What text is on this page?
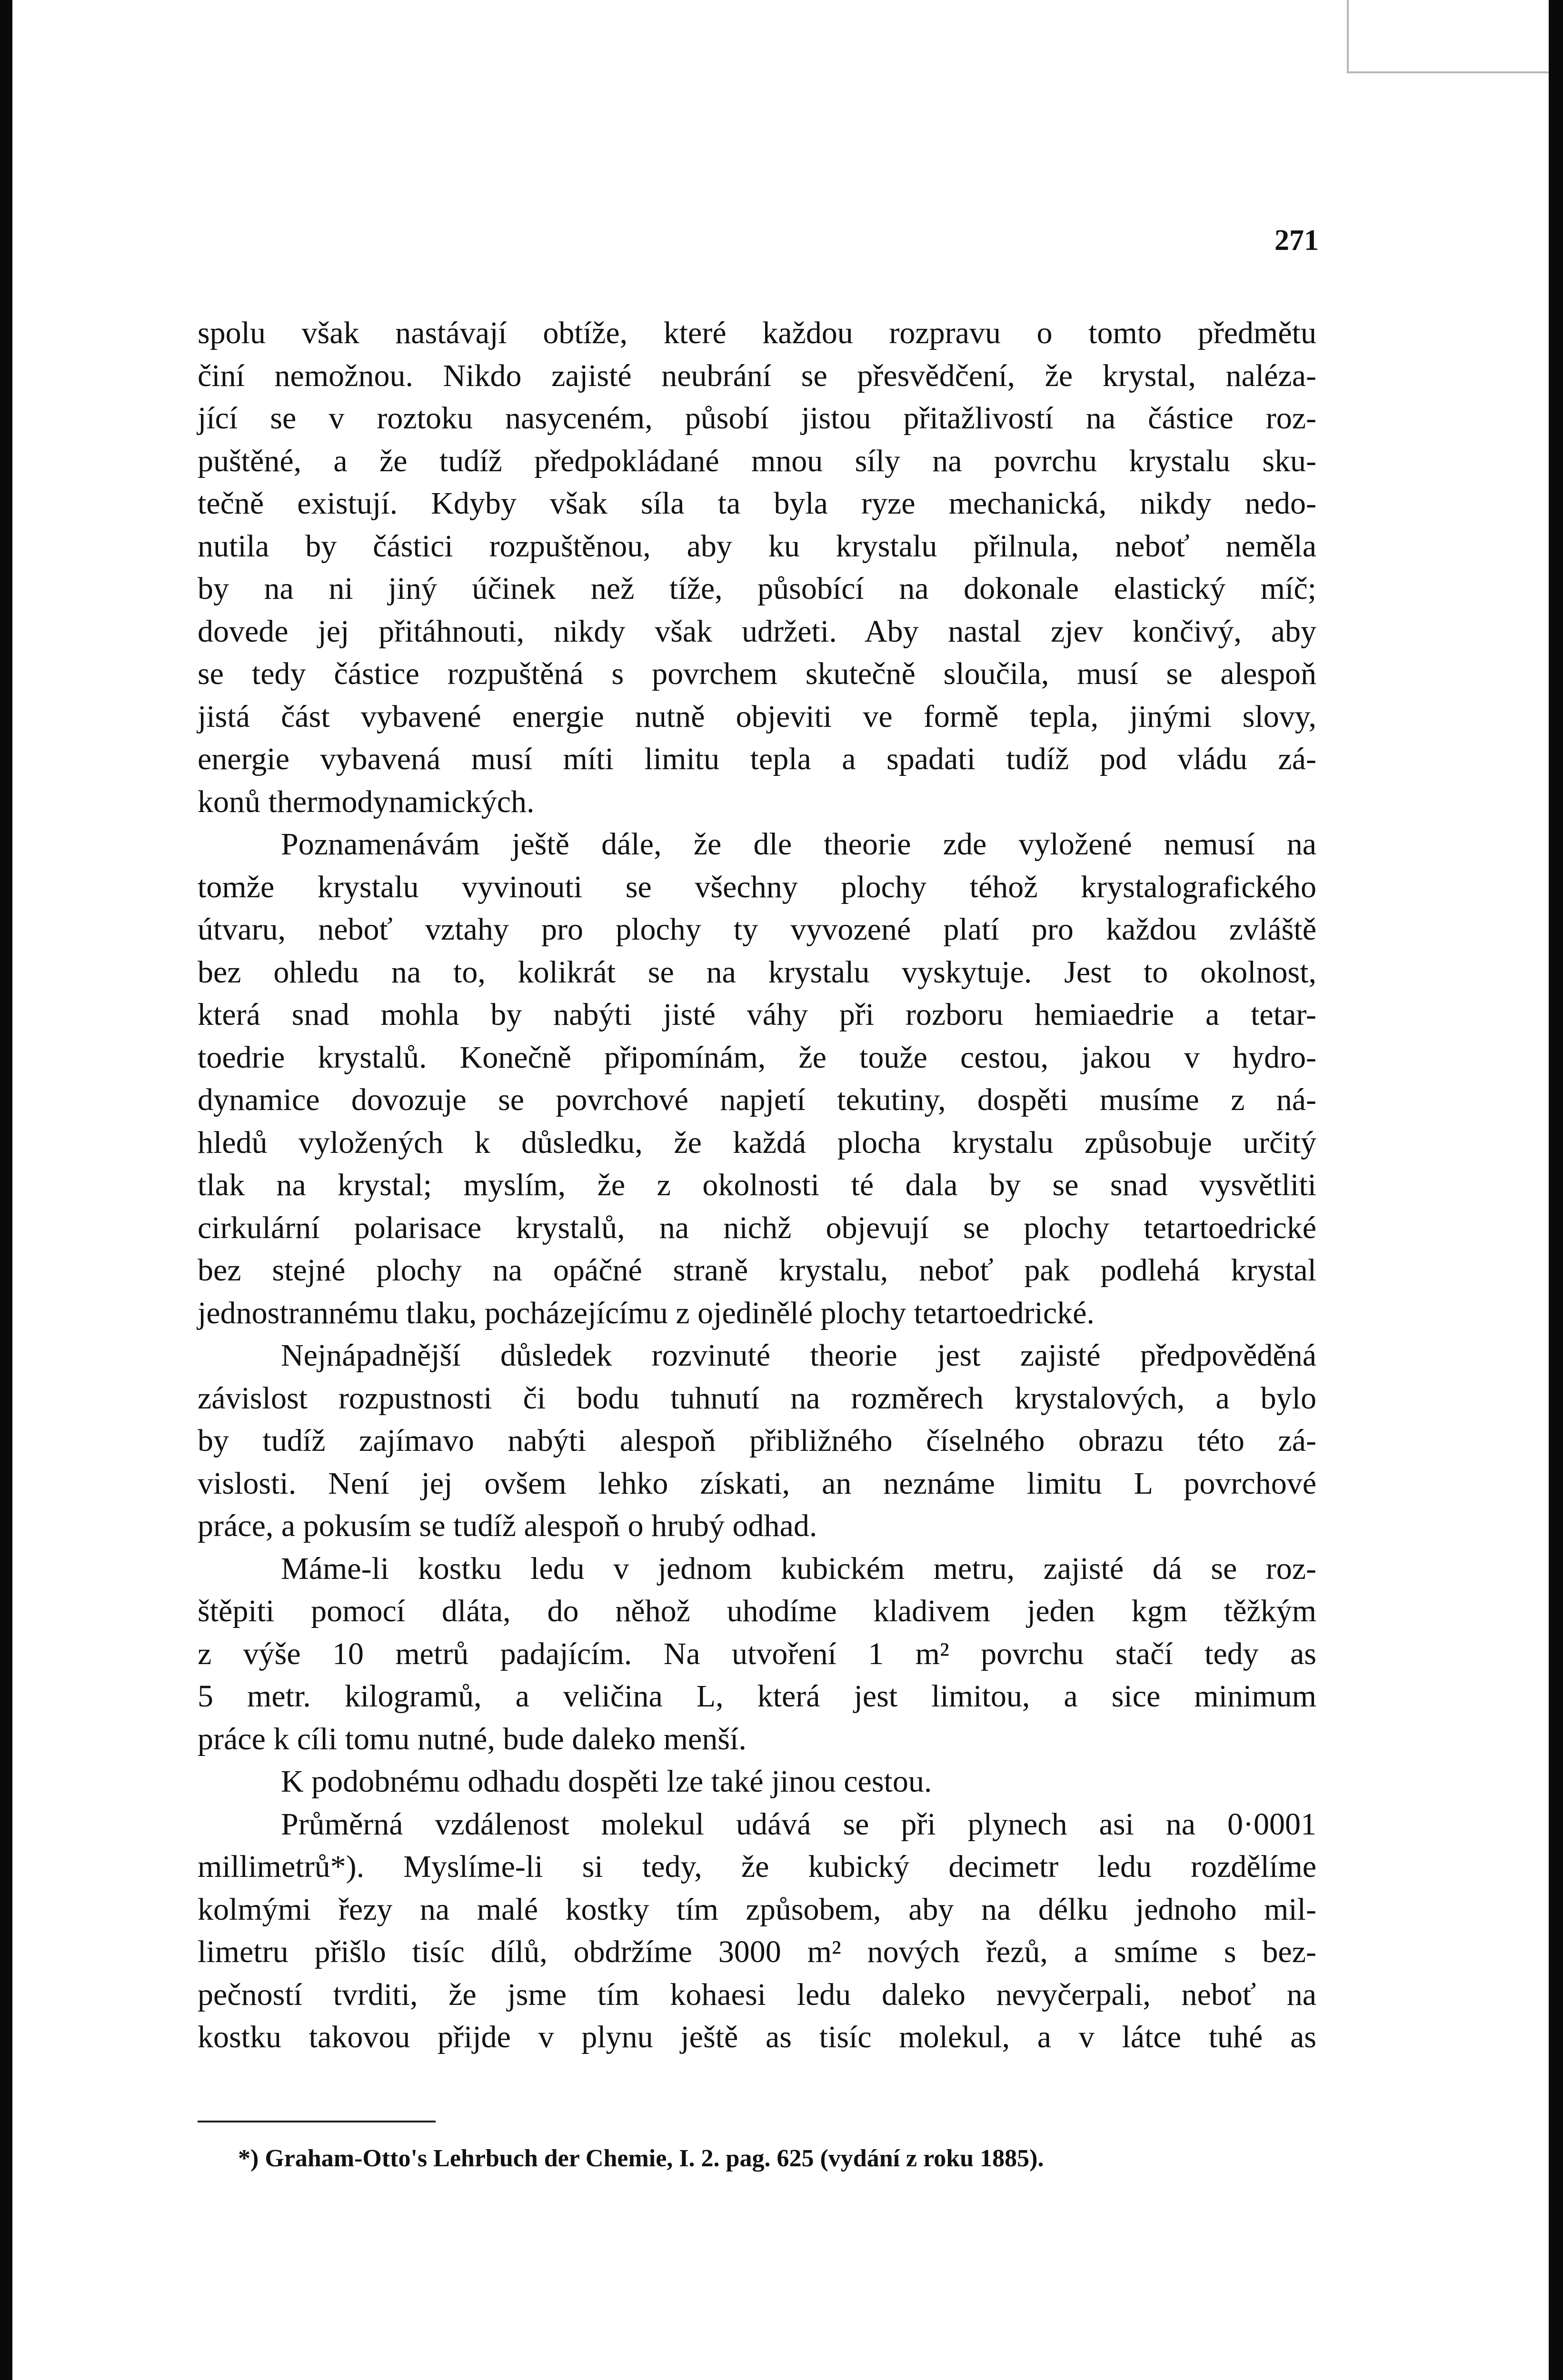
271
spolu však nastávají obtíže, které každou rozpravu o tomto předmětu
činí nemožnou. Nikdo zajisté neubrání se přesvědčení, že krystal, nalézа-
jící se v roztoku nasyceném, působí jistou přitažlivostí na částice roz-
puštěné, a že tudíž předpokládané mnou síly na povrchu krystalu sku-
tečně existují. Kdyby však síla ta byla ryze mechanická, nikdy nedo-
nutila by částici rozpuštěnou, aby ku krystalu přilnula, neboť neměla
by na ni jiný účinek než tíže, působící na dokonale elastický míč;
dovede jej přitáhnouti, nikdy však udržeti. Aby nastal zjev končivý, aby
se tedy částice rozpuštěná s povrchem skutečně sloučila, musí se alespoň
jistá část vybavené energie nutně objeviti ve formě tepla, jinými slovy,
energie vybavená musí míti limitu tepla a spadati tudíž pod vládu zá-
konů thermodynamických.
Poznamenávám ještě dále, že dle theorie zde vyložené nemusí na
tomže krystalu vyvinouti se všechny plochy téhož krystalografického
útvaru, neboť vztahy pro plochy ty vyvozené platí pro každou zvláště
bez ohledu na to, kolikrát se na krystalu vyskytuje. Jest to okolnost,
která snad mohla by nabýti jisté váhy při rozboru hemiaedrie a tetar-
toedrie krystalů. Konečně připomínám, že touže cestou, jakou v hydro-
dynamice dovozuje se povrchové napjetí tekutiny, dospěti musíme z ná-
hledů vyložených k důsledku, že každá plocha krystalu způsobuje určitý
tlak na krystal; myslím, že z okolnosti té dala by se snad vysvětliti
cirkulární polarisace krystalů, na nichž objevují se plochy tetartoedrické
bez stejné plochy na opáčné straně krystalu, neboť pak podlehá krystal
jednostrannému tlaku, pocházejícímu z ojedinělé plochy tetartoedrické.
Nejnápadnější důsledek rozvinuté theorie jest zajisté předpověděná
závislost rozpustnosti či bodu tuhnutí na rozměrech krystalových, a bylo
by tudíž zajímavo nabýti alespoň přibližného číselného obrazu této zá-
vislosti. Není jej ovšem lehko získati, an neznáme limitu L povrchové
práce, a pokusím se tudíž alespoň o hrubý odhad.
Máme-li kostku ledu v jednom kubickém metru, zajisté dá se roz-
štěpiti pomocí dláta, do něhož uhodíme kladivem jeden kgm těžkým
z výše 10 metrů padajícím. Na utvoření 1 m² povrchu stačí tedy as
5 metr. kilogramů, a veličina L, která jest limitou, a sice minimum
práce k cíli tomu nutné, bude daleko menší.
K podobnému odhadu dospěti lze také jinou cestou.
Průměrná vzdálenost molekul udává se při plynech asi na 0·0001
millimetrů*). Myslíme-li si tedy, že kubický decimetr ledu rozdělíme
kolmými řezy na malé kostky tím způsobem, aby na délku jednoho mil-
limetru přišlo tisíc dílů, obdržíme 3000 m² nových řezů, a smíme s bez-
pečností tvrditi, že jsme tím kohaesi ledu daleko nevyčerpali, neboť na
kostku takovou přijde v plynu ještě as tisíc molekul, a v látce tuhé as
*) Graham-Otto's Lehrbuch der Chemie, I. 2. pag. 625 (vydání z roku 1885).
